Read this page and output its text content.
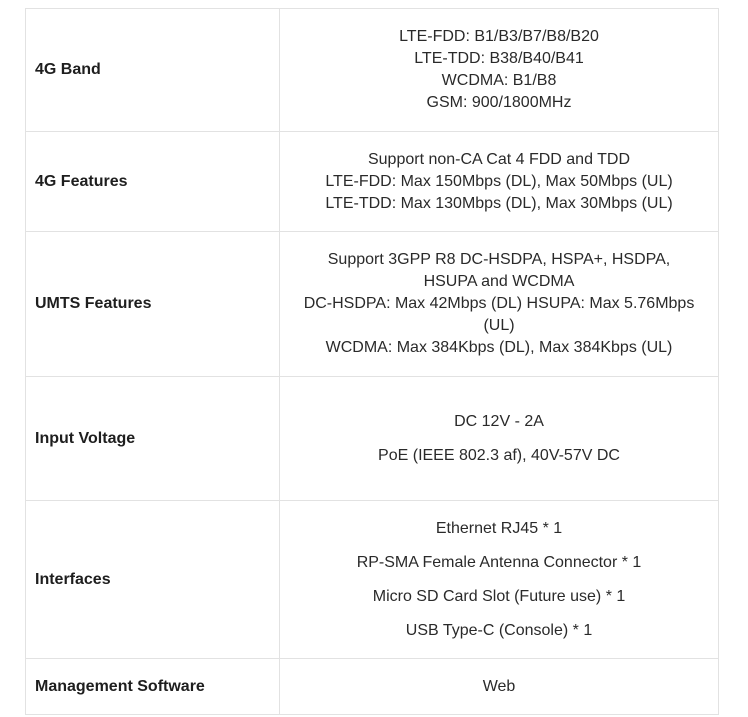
4G Band	LTE-FDD: B1/B3/B7/B8/B20
LTE-TDD: B38/B40/B41
WCDMA: B1/B8
GSM: 900/1800MHz

4G Features	Support non-CA Cat 4 FDD and TDD
LTE-FDD: Max 150Mbps (DL), Max 50Mbps (UL)
LTE-TDD: Max 130Mbps (DL), Max 30Mbps (UL)

UMTS Features	Support 3GPP R8 DC-HSDPA, HSPA+, HSDPA,
HSUPA and WCDMA
DC-HSDPA: Max 42Mbps (DL) HSUPA: Max 5.76Mbps
(UL)
WCDMA: Max 384Kbps (DL), Max 384Kbps (UL)

Input Voltage	DC 12V - 2A
PoE (IEEE 802.3 af), 40V-57V DC

Interfaces	Ethernet RJ45 * 1
RP-SMA Female Antenna Connector * 1
Micro SD Card Slot (Future use) * 1
USB Type-C (Console) * 1

Management Software	Web
